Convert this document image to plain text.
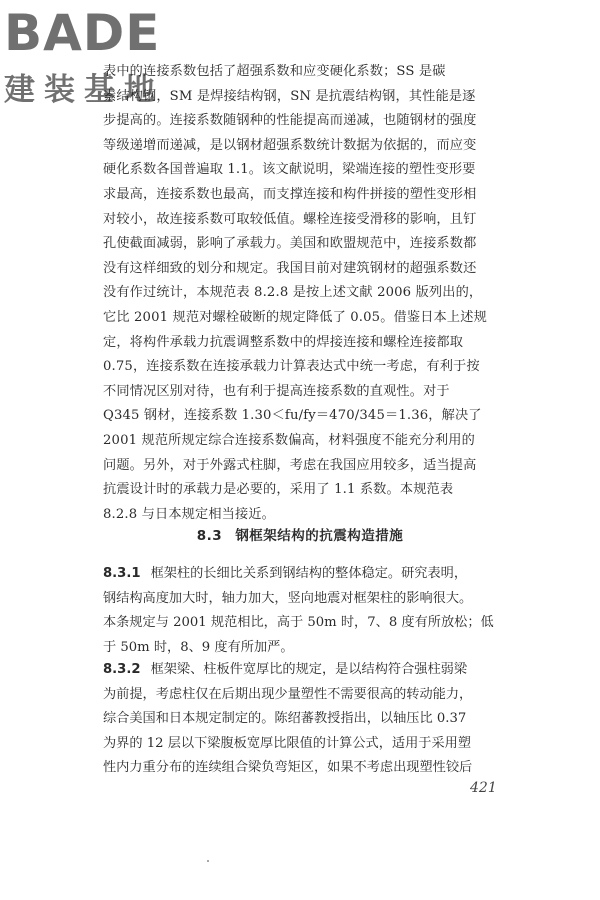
BADE
建装基地
表中的连接系数包括了超强系数和应变硬化系数；SS 是碳
素结构钢，SM 是焊接结构钢，SN 是抗震结构钢，其性能是逐
步提高的。连接系数随钢种的性能提高而递减，也随钢材的强度
等级递增而递减，是以钢材超强系数统计数据为依据的，而应变
硬化系数各国普遍取 1.1。该文献说明，梁端连接的塑性变形要
求最高，连接系数也最高，而支撑连接和构件拼接的塑性变形相
对较小，故连接系数可取较低值。螺栓连接受滑移的影响，且钉
孔使截面减弱，影响了承载力。美国和欧盟规范中，连接系数都
没有这样细致的划分和规定。我国目前对建筑钢材的超强系数还
没有作过统计，本规范表 8.2.8 是按上述文献 2006 版列出的，
它比 2001 规范对螺栓破断的规定降低了 0.05。借鉴日本上述规
定，将构件承载力抗震调整系数中的焊接连接和螺栓连接都取
0.75，连接系数在连接承载力计算表达式中统一考虑，有利于按
不同情况区别对待，也有利于提高连接系数的直观性。对于
Q345 钢材，连接系数 1.30＜fu/fy＝470/345＝1.36，解决了
2001 规范所规定综合连接系数偏高，材料强度不能充分利用的
问题。另外，对于外露式柱脚，考虑在我国应用较多，适当提高
抗震设计时的承载力是必要的，采用了 1.1 系数。本规范表
8.2.8 与日本规定相当接近。
8.3 钢框架结构的抗震构造措施
8.3.1 框架柱的长细比关系到钢结构的整体稳定。研究表明，
钢结构高度加大时，轴力加大，竖向地震对框架柱的影响很大。
本条规定与 2001 规范相比，高于 50m 时，7、8 度有所放松；低
于 50m 时，8、9 度有所加严。
8.3.2 框架梁、柱板件宽厚比的规定，是以结构符合强柱弱梁
为前提，考虑柱仅在后期出现少量塑性不需要很高的转动能力，
综合美国和日本规定制定的。陈绍蕃教授指出，以轴压比 0.37
为界的 12 层以下梁腹板宽厚比限值的计算公式，适用于采用塑
性内力重分布的连续组合梁负弯矩区，如果不考虑出现塑性铰后
421
